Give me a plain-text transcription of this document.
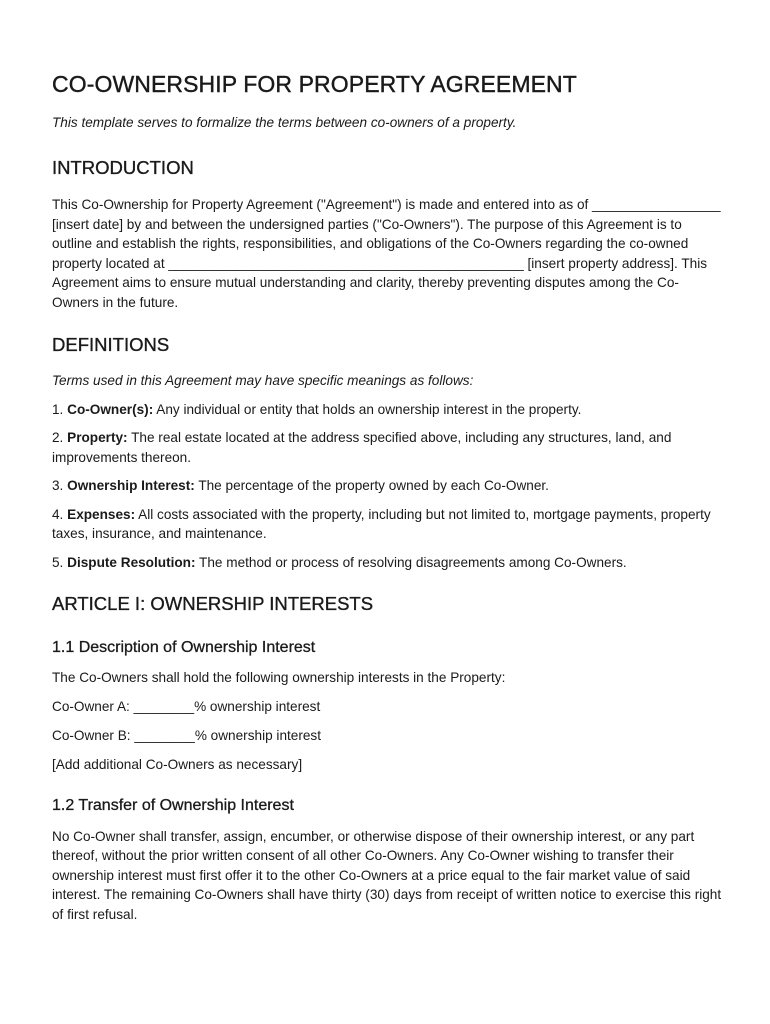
CO-OWNERSHIP FOR PROPERTY AGREEMENT

This template serves to formalize the terms between co-owners of a property.

INTRODUCTION

This Co-Ownership for Property Agreement ("Agreement") is made and entered into as of _________________ [insert date] by and between the undersigned parties ("Co-Owners"). The purpose of this Agreement is to outline and establish the rights, responsibilities, and obligations of the Co-Owners regarding the co-owned property located at _______________________________________________ [insert property address]. This Agreement aims to ensure mutual understanding and clarity, thereby preventing disputes among the Co-Owners in the future.

DEFINITIONS

Terms used in this Agreement may have specific meanings as follows:

1. Co-Owner(s): Any individual or entity that holds an ownership interest in the property.

2. Property: The real estate located at the address specified above, including any structures, land, and improvements thereon.

3. Ownership Interest: The percentage of the property owned by each Co-Owner.

4. Expenses: All costs associated with the property, including but not limited to, mortgage payments, property taxes, insurance, and maintenance.

5. Dispute Resolution: The method or process of resolving disagreements among Co-Owners.

ARTICLE I: OWNERSHIP INTERESTS
1.1 Description of Ownership Interest

The Co-Owners shall hold the following ownership interests in the Property:

Co-Owner A: ________% ownership interest

Co-Owner B: ________% ownership interest

[Add additional Co-Owners as necessary]

1.2 Transfer of Ownership Interest

No Co-Owner shall transfer, assign, encumber, or otherwise dispose of their ownership interest, or any part thereof, without the prior written consent of all other Co-Owners. Any Co-Owner wishing to transfer their ownership interest must first offer it to the other Co-Owners at a price equal to the fair market value of said interest. The remaining Co-Owners shall have thirty (30) days from receipt of written notice to exercise this right of first refusal.
